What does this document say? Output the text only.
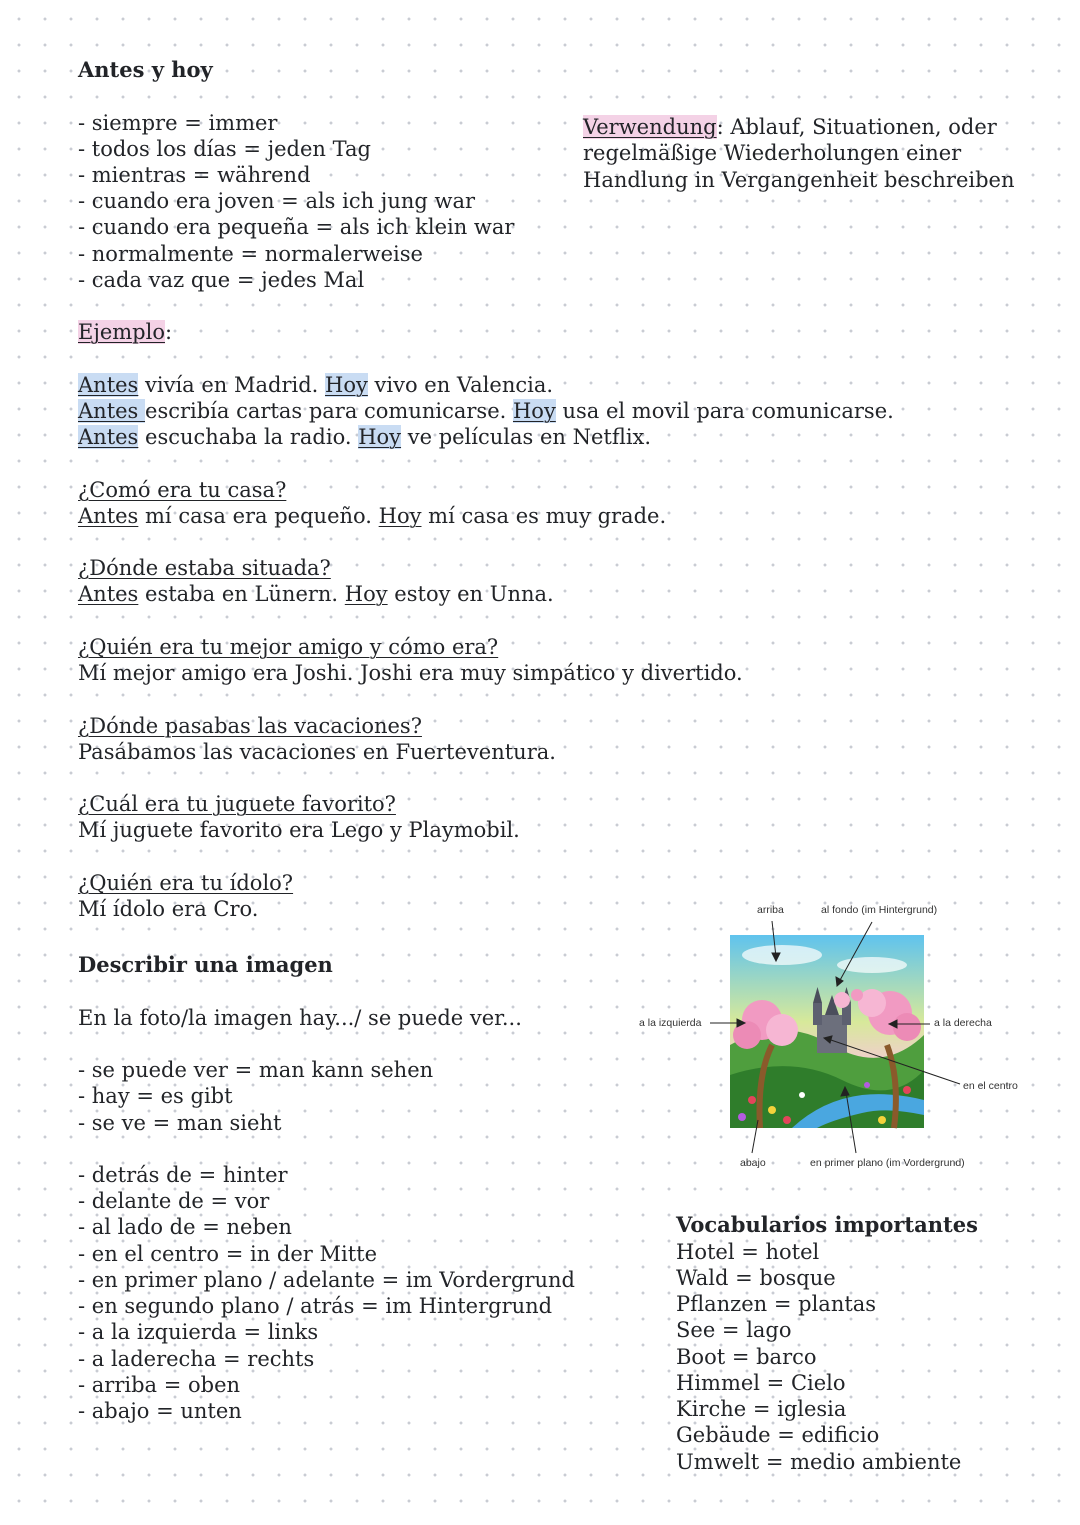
Antes y hoy
- siempre = immer
- todos los días = jeden Tag
- mientras = während
- cuando era joven = als ich jung war
- cuando era pequeña = als ich klein war
- normalmente = normalerweise
- cada vaz que = jedes Mal
Verwendung: Ablauf, Situationen, oder
regelmäßige Wiederholungen einer
Handlung in Vergangenheit beschreiben
Ejemplo:
Antes vivía en Madrid. Hoy vivo en Valencia.
Antes escribía cartas para comunicarse. Hoy usa el movil para comunicarse.
Antes escuchaba la radio. Hoy ve películas en Netflix.
¿Comó era tu casa?
Antes mí casa era pequeño. Hoy mí casa es muy grade.
¿Dónde estaba situada?
Antes estaba en Lünern. Hoy estoy en Unna.
¿Quién era tu mejor amigo y cómo era?
Mí mejor amigo era Joshi. Joshi era muy simpático y divertido.
¿Dónde pasabas las vacaciones?
Pasábamos las vacaciones en Fuerteventura.
¿Cuál era tu juguete favorito?
Mí juguete favorito era Lego y Playmobil.
¿Quién era tu ídolo?
Mí ídolo era Cro.
Describir una imagen
En la foto/la imagen hay.../ se puede ver...
- se puede ver = man kann sehen
- hay = es gibt
- se ve = man sieht
- detrás de = hinter
- delante de = vor
- al lado de = neben
- en el centro = in der Mitte
- en primer plano / adelante = im Vordergrund
- en segundo plano / atrás = im Hintergrund
- a la izquierda = links
- a laderecha = rechts
- arriba = oben
- abajo = unten
arriba	al fondo (im Hintergrund)
a la izquierda	a la derecha
en el centro
abajo	en primer plano (im Vordergrund)
Vocabularios importantes
Hotel = hotel
Wald = bosque
Pflanzen = plantas
See = lago
Boot = barco
Himmel = Cielo
Kirche = iglesia
Gebäude = edificio
Umwelt = medio ambiente
